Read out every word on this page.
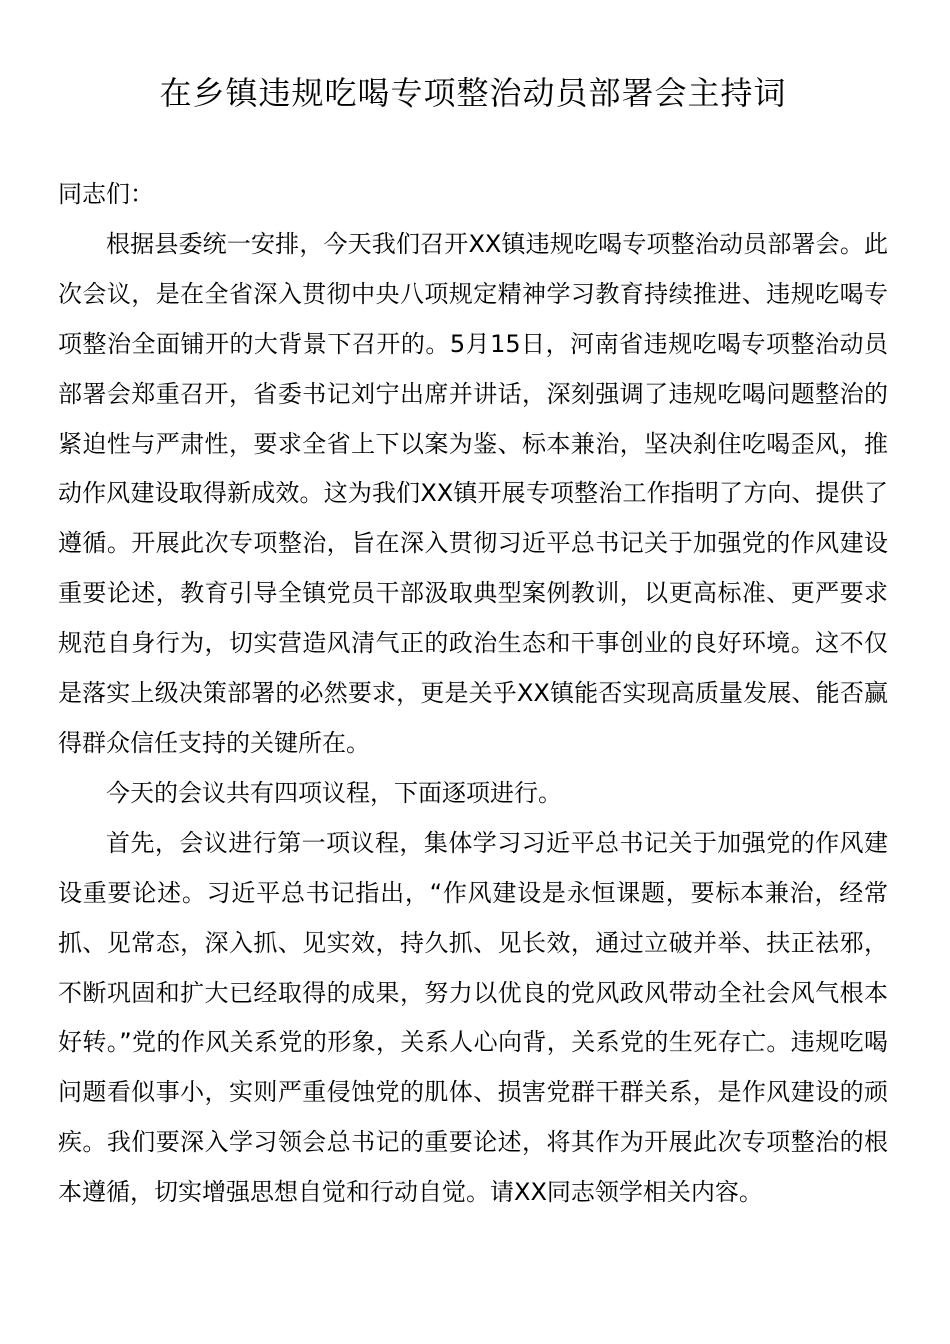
在乡镇违规吃喝专项整治动员部署会主持词

同志们：

根据县委统一安排，今天我们召开XX镇违规吃喝专项整治动员部署会。此次会议，是在全省深入贯彻中央八项规定精神学习教育持续推进、违规吃喝专项整治全面铺开的大背景下召开的。5月15日，河南省违规吃喝专项整治动员部署会郑重召开，省委书记刘宁出席并讲话，深刻强调了违规吃喝问题整治的紧迫性与严肃性，要求全省上下以案为鉴、标本兼治，坚决刹住吃喝歪风，推动作风建设取得新成效。这为我们XX镇开展专项整治工作指明了方向、提供了遵循。开展此次专项整治，旨在深入贯彻习近平总书记关于加强党的作风建设重要论述，教育引导全镇党员干部汲取典型案例教训，以更高标准、更严要求规范自身行为，切实营造风清气正的政治生态和干事创业的良好环境。这不仅是落实上级决策部署的必然要求，更是关乎XX镇能否实现高质量发展、能否赢得群众信任支持的关键所在。

今天的会议共有四项议程，下面逐项进行。

首先，会议进行第一项议程，集体学习习近平总书记关于加强党的作风建设重要论述。习近平总书记指出，“作风建设是永恒课题，要标本兼治，经常抓、见常态，深入抓、见实效，持久抓、见长效，通过立破并举、扶正祛邪，不断巩固和扩大已经取得的成果，努力以优良的党风政风带动全社会风气根本好转。”党的作风关系党的形象，关系人心向背，关系党的生死存亡。违规吃喝问题看似事小，实则严重侵蚀党的肌体、损害党群干群关系，是作风建设的顽疾。我们要深入学习领会总书记的重要论述，将其作为开展此次专项整治的根本遵循，切实增强思想自觉和行动自觉。请XX同志领学相关内容。
